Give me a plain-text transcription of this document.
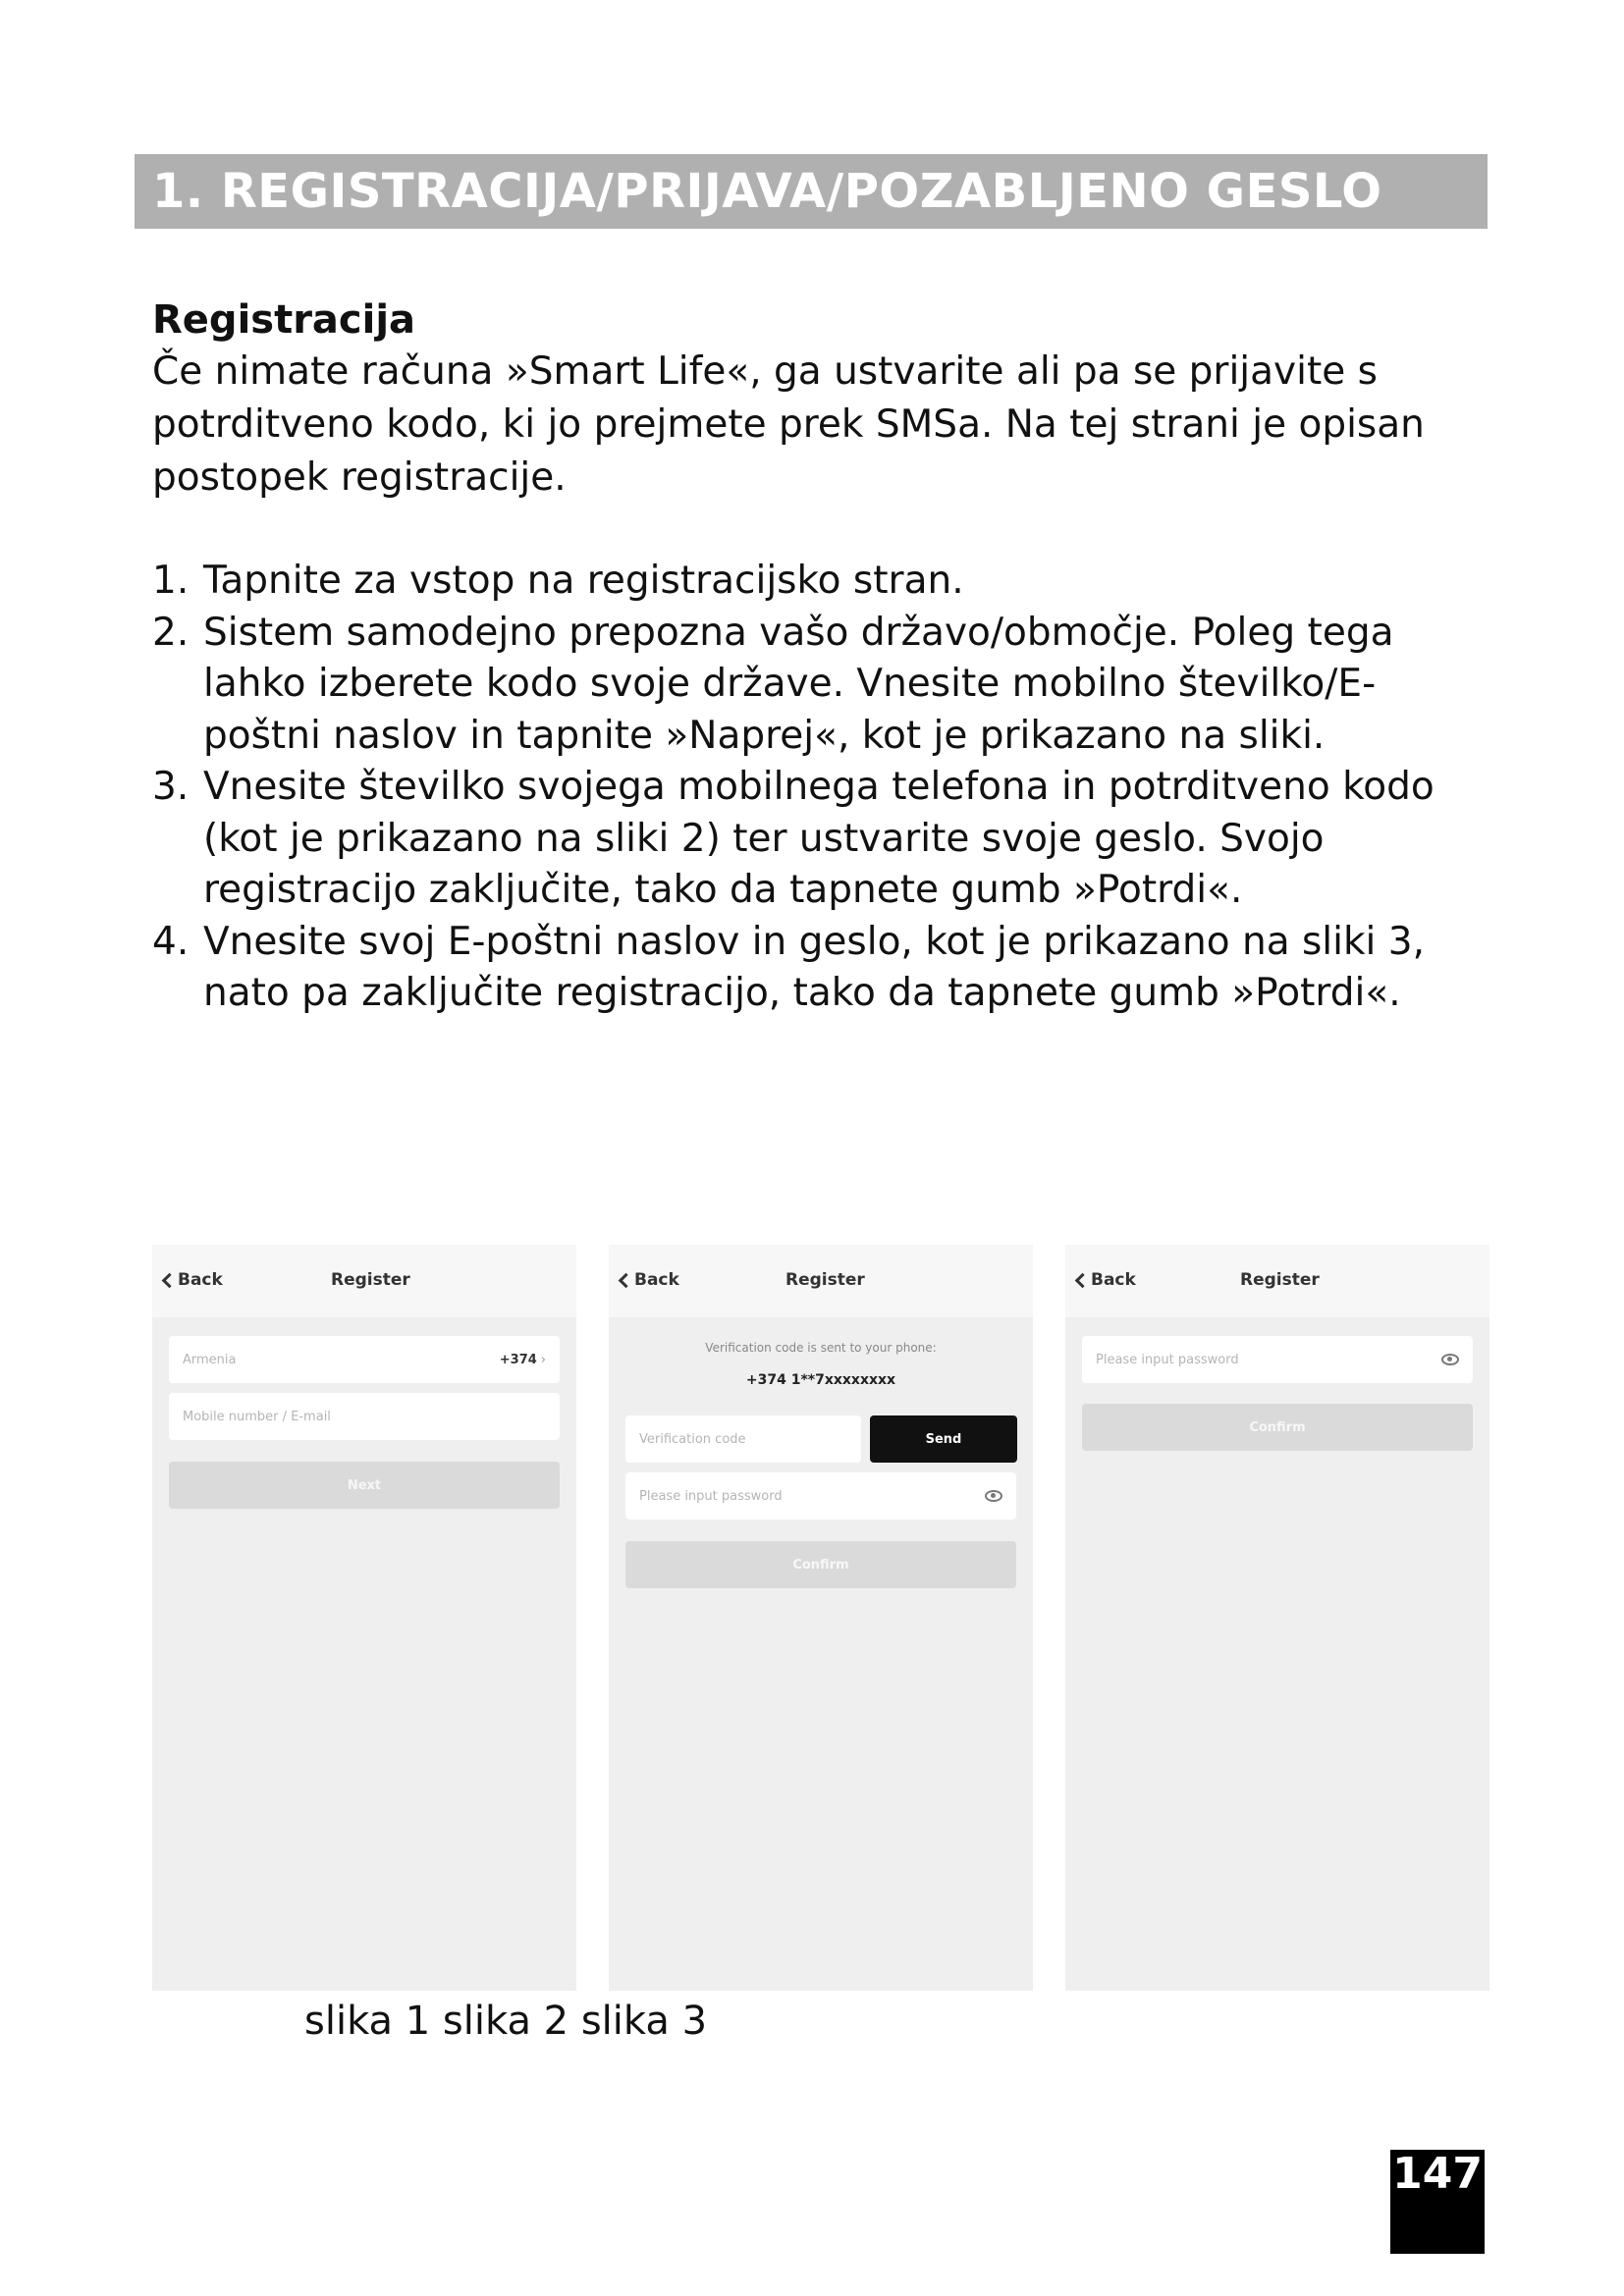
1. REGISTRACIJA/PRIJAVA/POZABLJENO GESLO

Registracija

Če nimate računa »Smart Life«, ga ustvarite ali pa se prijavite s potrditveno kodo, ki jo prejmete prek SMSa. Na tej strani je opisan postopek registracije.

1. Tapnite za vstop na registracijsko stran.
2. Sistem samodejno prepozna vašo državo/območje. Poleg tega lahko izberete kodo svoje države. Vnesite mobilno številko/E-poštni naslov in tapnite »Naprej«, kot je prikazano na sliki.
3. Vnesite številko svojega mobilnega telefona in potrditveno kodo (kot je prikazano na sliki 2) ter ustvarite svoje geslo. Svojo registracijo zaključite, tako da tapnete gumb »Potrdi«.
4. Vnesite svoj E-poštni naslov in geslo, kot je prikazano na sliki 3, nato pa zaključite registracijo, tako da tapnete gumb »Potrdi«.
Back	Register
Armenia	+374 ›
Mobile number / E-mail
Next
Back	Register
Verification code is sent to your phone:
+374 1**7xxxxxxxx
Verification code	Send
Please input password
Confirm
Back	Register
Please input password
Confirm
slika 1 slika 2 slika 3
147
